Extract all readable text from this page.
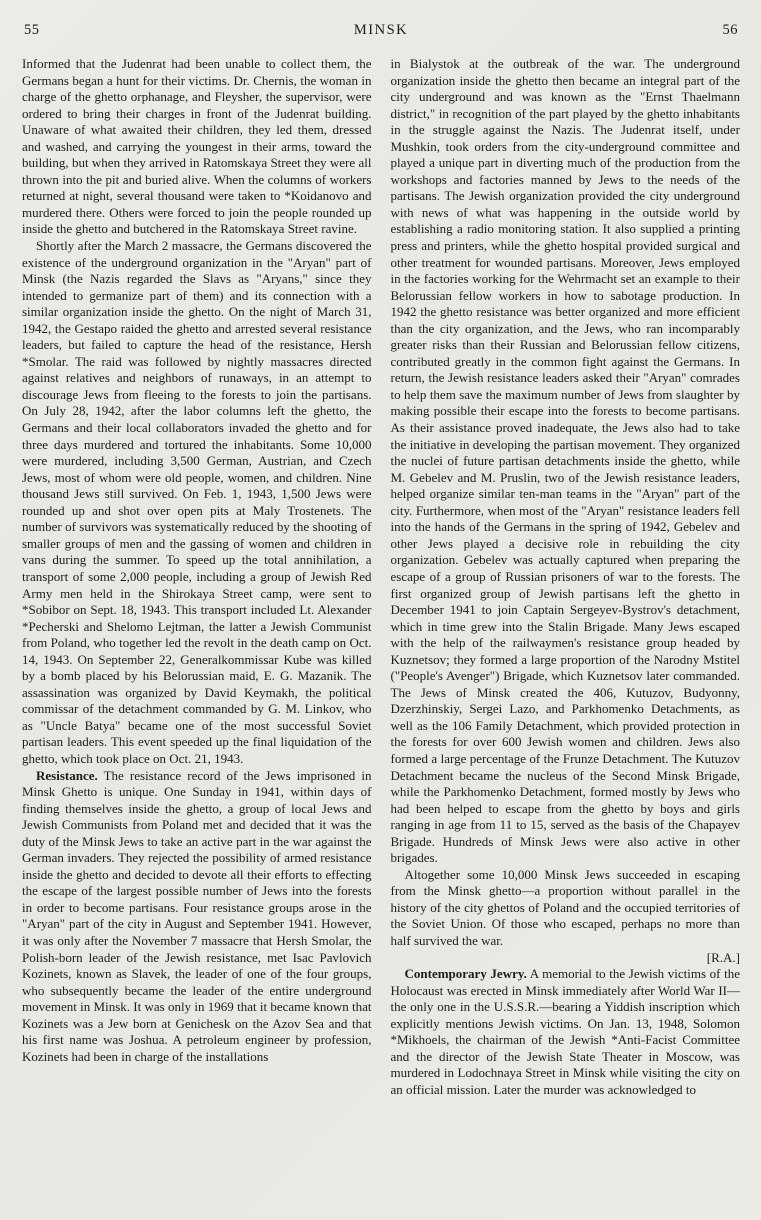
55	MINSK	56

Informed that the Judenrat had been unable to collect them, the Germans began a hunt for their victims. Dr. Chernis, the woman in charge of the ghetto orphanage, and Fleysher, the supervisor, were ordered to bring their charges in front of the Judenrat building. Unaware of what awaited their children, they led them, dressed and washed, and carrying the youngest in their arms, toward the building, but when they arrived in Ratomskaya Street they were all thrown into the pit and buried alive. When the columns of workers returned at night, several thousand were taken to *Koidanovo and murdered there. Others were forced to join the people rounded up inside the ghetto and butchered in the Ratomskaya Street ravine.

Shortly after the March 2 massacre, the Germans discovered the existence of the underground organization in the "Aryan" part of Minsk (the Nazis regarded the Slavs as "Aryans," since they intended to germanize part of them) and its connection with a similar organization inside the ghetto. On the night of March 31, 1942, the Gestapo raided the ghetto and arrested several resistance leaders, but failed to capture the head of the resistance, Hersh *Smolar. The raid was followed by nightly massacres directed against relatives and neighbors of runaways, in an attempt to discourage Jews from fleeing to the forests to join the partisans. On July 28, 1942, after the labor columns left the ghetto, the Germans and their local collaborators invaded the ghetto and for three days murdered and tortured the inhabitants. Some 10,000 were murdered, including 3,500 German, Austrian, and Czech Jews, most of whom were old people, women, and children. Nine thousand Jews still survived. On Feb. 1, 1943, 1,500 Jews were rounded up and shot over open pits at Maly Trostenets. The number of survivors was systematically reduced by the shooting of smaller groups of men and the gassing of women and children in vans during the summer. To speed up the total annihilation, a transport of some 2,000 people, including a group of Jewish Red Army men held in the Shirokaya Street camp, were sent to *Sobibor on Sept. 18, 1943. This transport included Lt. Alexander *Pecherski and Shelomo Lejtman, the latter a Jewish Communist from Poland, who together led the revolt in the death camp on Oct. 14, 1943. On September 22, Generalkommissar Kube was killed by a bomb placed by his Belorussian maid, E. G. Mazanik. The assassination was organized by David Keymakh, the political commissar of the detachment commanded by G. M. Linkov, who as "Uncle Batya" became one of the most successful Soviet partisan leaders. This event speeded up the final liquidation of the ghetto, which took place on Oct. 21, 1943.

Resistance. The resistance record of the Jews imprisoned in Minsk Ghetto is unique. One Sunday in 1941, within days of finding themselves inside the ghetto, a group of local Jews and Jewish Communists from Poland met and decided that it was the duty of the Minsk Jews to take an active part in the war against the German invaders. They rejected the possibility of armed resistance inside the ghetto and decided to devote all their efforts to effecting the escape of the largest possible number of Jews into the forests in order to become partisans. Four resistance groups arose in the "Aryan" part of the city in August and September 1941. However, it was only after the November 7 massacre that Hersh Smolar, the Polish-born leader of the Jewish resistance, met Isac Pavlovich Kozinets, known as Slavek, the leader of one of the four groups, who subsequently became the leader of the entire underground movement in Minsk. It was only in 1969 that it became known that Kozinets was a Jew born at Genichesk on the Azov Sea and that his first name was Joshua. A petroleum engineer by profession, Kozinets had been in charge of the installations

in Bialystok at the outbreak of the war. The underground organization inside the ghetto then became an integral part of the city underground and was known as the "Ernst Thaelmann district," in recognition of the part played by the ghetto inhabitants in the struggle against the Nazis. The Judenrat itself, under Mushkin, took orders from the city-underground committee and played a unique part in diverting much of the production from the workshops and factories manned by Jews to the needs of the partisans. The Jewish organization provided the city underground with news of what was happening in the outside world by establishing a radio monitoring station. It also supplied a printing press and printers, while the ghetto hospital provided surgical and other treatment for wounded partisans. Moreover, Jews employed in the factories working for the Wehrmacht set an example to their Belorussian fellow workers in how to sabotage production. In 1942 the ghetto resistance was better organized and more efficient than the city organization, and the Jews, who ran incomparably greater risks than their Russian and Belorussian fellow citizens, contributed greatly in the common fight against the Germans. In return, the Jewish resistance leaders asked their "Aryan" comrades to help them save the maximum number of Jews from slaughter by making possible their escape into the forests to become partisans. As their assistance proved inadequate, the Jews also had to take the initiative in developing the partisan movement. They organized the nuclei of future partisan detachments inside the ghetto, while M. Gebelev and M. Pruslin, two of the Jewish resistance leaders, helped organize similar ten-man teams in the "Aryan" part of the city. Furthermore, when most of the "Aryan" resistance leaders fell into the hands of the Germans in the spring of 1942, Gebelev and other Jews played a decisive role in rebuilding the city organization. Gebelev was actually captured when preparing the escape of a group of Russian prisoners of war to the forests. The first organized group of Jewish partisans left the ghetto in December 1941 to join Captain Sergeyev-Bystrov's detachment, which in time grew into the Stalin Brigade. Many Jews escaped with the help of the railwaymen's resistance group headed by Kuznetsov; they formed a large proportion of the Narodny Mstitel ("People's Avenger") Brigade, which Kuznetsov later commanded. The Jews of Minsk created the 406, Kutuzov, Budyonny, Dzerzhinskiy, Sergei Lazo, and Parkhomenko Detachments, as well as the 106 Family Detachment, which provided protection in the forests for over 600 Jewish women and children. Jews also formed a large percentage of the Frunze Detachment. The Kutuzov Detachment became the nucleus of the Second Minsk Brigade, while the Parkhomenko Detachment, formed mostly by Jews who had been helped to escape from the ghetto by boys and girls ranging in age from 11 to 15, served as the basis of the Chapayev Brigade. Hundreds of Minsk Jews were also active in other brigades.

Altogether some 10,000 Minsk Jews succeeded in escaping from the Minsk ghetto—a proportion without parallel in the history of the city ghettos of Poland and the occupied territories of the Soviet Union. Of those who escaped, perhaps no more than half survived the war.

[R.A.]

Contemporary Jewry. A memorial to the Jewish victims of the Holocaust was erected in Minsk immediately after World War II—the only one in the U.S.S.R.—bearing a Yiddish inscription which explicitly mentions Jewish victims. On Jan. 13, 1948, Solomon *Mikhoels, the chairman of the Jewish *Anti-Facist Committee and the director of the Jewish State Theater in Moscow, was murdered in Lodochnaya Street in Minsk while visiting the city on an official mission. Later the murder was acknowledged to
